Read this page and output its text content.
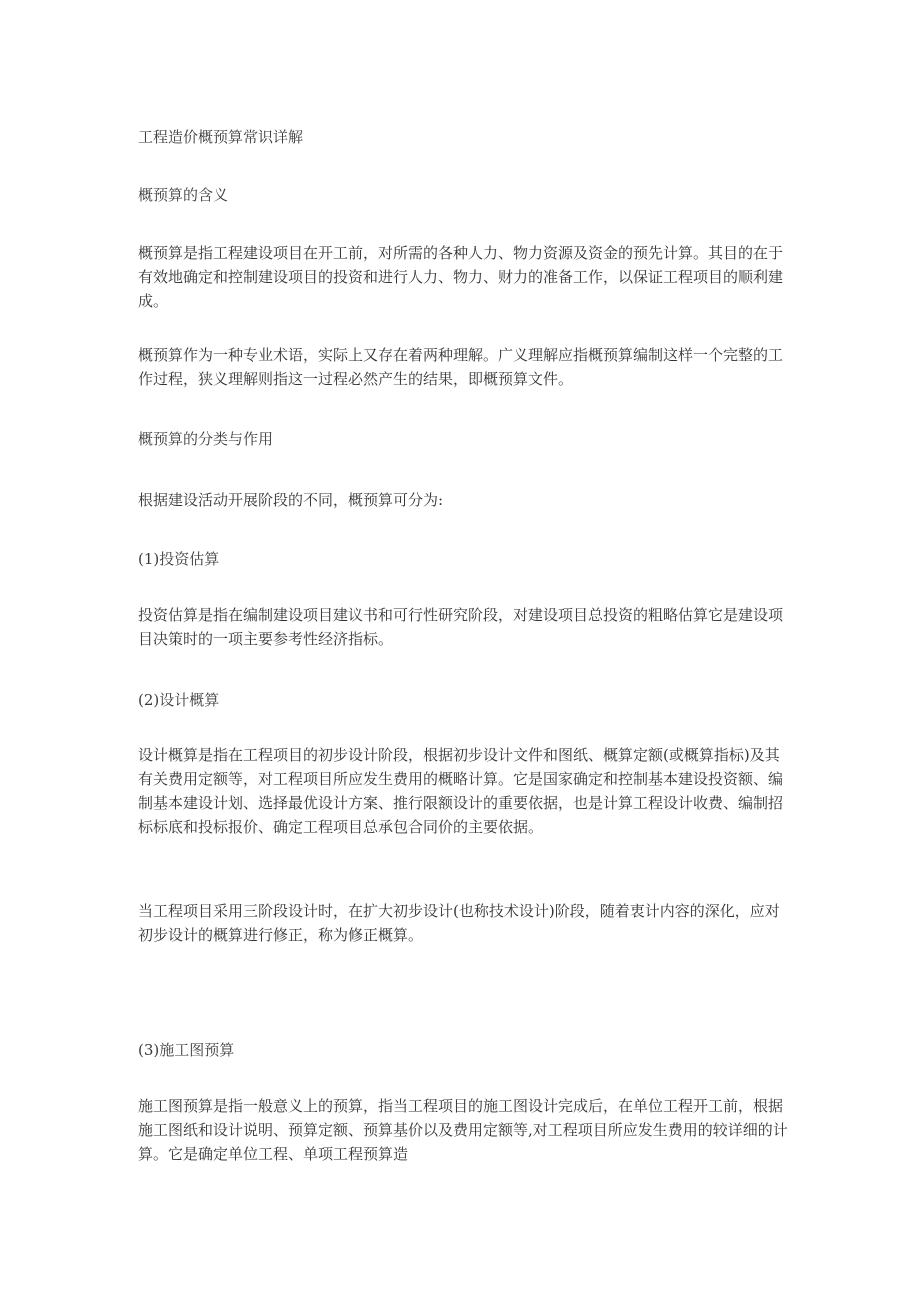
工程造价概预算常识详解

概预算的含义

概预算是指工程建设项目在开工前，对所需的各种人力、物力资源及资金的预先计算。其目的在于有效地确定和控制建设项目的投资和进行人力、物力、财力的准备工作，以保证工程项目的顺利建成。

概预算作为一种专业术语，实际上又存在着两种理解。广义理解应指概预算编制这样一个完整的工作过程，狭义理解则指这一过程必然产生的结果，即概预算文件。

概预算的分类与作用

根据建设活动开展阶段的不同，概预算可分为:

(1)投资估算

投资估算是指在编制建设项目建议书和可行性研究阶段，对建设项目总投资的粗略估算它是建设项目决策时的一项主要参考性经济指标。

(2)设计概算

设计概算是指在工程项目的初步设计阶段，根据初步设计文件和图纸、概算定额(或概算指标)及其有关费用定额等，对工程项目所应发生费用的概略计算。它是国家确定和控制基本建设投资额、编制基本建设计划、选择最优设计方案、推行限额设计的重要依据，也是计算工程设计收费、编制招标标底和投标报价、确定工程项目总承包合同价的主要依据。

当工程项目采用三阶段设计时，在扩大初步设计(也称技术设计)阶段，随着衷计内容的深化，应对初步设计的概算进行修正，称为修正概算。

(3)施工图预算

施工图预算是指一般意义上的预算，指当工程项目的施工图设计完成后，在单位工程开工前，根据施工图纸和设计说明、预算定额、预算基价以及费用定额等,对工程项目所应发生费用的较详细的计算。它是确定单位工程、单项工程预算造
